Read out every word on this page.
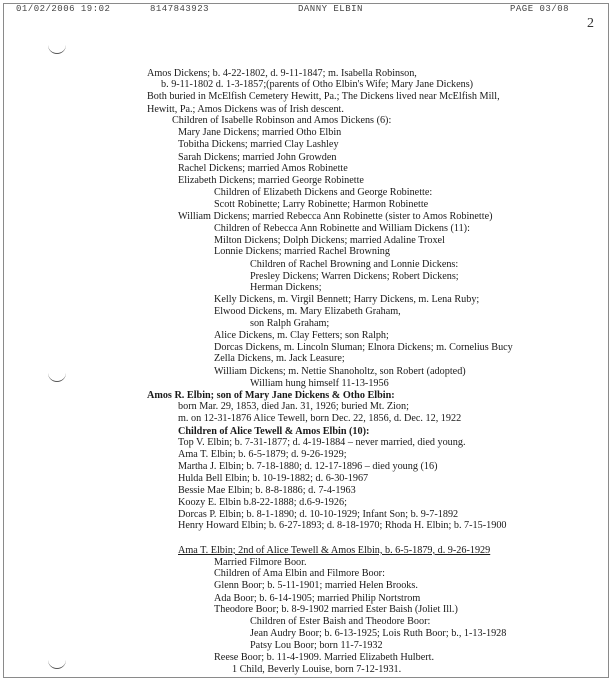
01/02/2006 19:02	8147843923	DANNY ELBIN	PAGE 03/08
2
Amos Dickens; b. 4-22-1802, d. 9-11-1847; m. Isabella Robinson,
b. 9-11-1802 d. 1-3-1857;(parents of Otho Elbin's Wife; Mary Jane Dickens)
Both buried in McElfish Cemetery Hewitt, Pa.; The Dickens lived near McElfish Mill,
Hewitt, Pa.; Amos Dickens was of Irish descent.
Children of Isabelle Robinson and Amos Dickens (6):
Mary Jane Dickens; married Otho Elbin
Tobitha Dickens; married Clay Lashley
Sarah Dickens; married John Growden
Rachel Dickens; married Amos Robinette
Elizabeth Dickens; married George Robinette
Children of Elizabeth Dickens and George Robinette:
Scott Robinette; Larry Robinette; Harmon Robinette
William Dickens; married Rebecca Ann Robinette (sister to Amos Robinette)
Children of Rebecca Ann Robinette and William Dickens (11):
Milton Dickens; Dolph Dickens; married Adaline Troxel
Lonnie Dickens; married Rachel Browning
Children of Rachel Browning and Lonnie Dickens:
Presley Dickens; Warren Dickens; Robert Dickens;
Herman Dickens;
Kelly Dickens, m. Virgil Bennett; Harry Dickens, m. Lena Ruby;
Elwood Dickens, m. Mary Elizabeth Graham,
son Ralph Graham;
Alice Dickens, m. Clay Fetters; son Ralph;
Dorcas Dickens, m. Lincoln Sluman; Elnora Dickens; m. Cornelius Bucy
Zella Dickens, m. Jack Leasure;
William Dickens; m. Nettie Shanoholtz, son Robert (adopted)
William hung himself 11-13-1956
Amos R. Elbin; son of Mary Jane Dickens & Otho Elbin:
born Mar. 29, 1853, died Jan. 31, 1926; buried Mt. Zion;
m. on 12-31-1876 Alice Tewell, born Dec. 22, 1856, d. Dec. 12, 1922
Children of Alice Tewell & Amos Elbin (10):
Top V. Elbin; b. 7-31-1877; d. 4-19-1884 – never married, died young.
Ama T. Elbin; b. 6-5-1879; d. 9-26-1929;
Martha J. Elbin; b. 7-18-1880; d. 12-17-1896 – died young (16)
Hulda Bell Elbin; b. 10-19-1882; d. 6-30-1967
Bessie Mae Elbin; b. 8-8-1886; d. 7-4-1963
Koozy E. Elbin b.8-22-1888; d.6-9-1926;
Dorcas P. Elbin; b. 8-1-1890; d. 10-10-1929; Infant Son; b. 9-7-1892
Henry Howard Elbin; b. 6-27-1893; d. 8-18-1970; Rhoda H. Elbin; b. 7-15-1900
Ama T. Elbin; 2nd of Alice Tewell & Amos Elbin, b. 6-5-1879, d. 9-26-1929
Married Filmore Boor.
Children of Ama Elbin and Filmore Boor:
Glenn Boor; b. 5-11-1901; married Helen Brooks.
Ada Boor; b. 6-14-1905; married Philip Nortstrom
Theodore Boor; b. 8-9-1902 married Ester Baish (Joliet Ill.)
Children of Ester Baish and Theodore Boor:
Jean Audry Boor; b. 6-13-1925; Lois Ruth Boor; b., 1-13-1928
Patsy Lou Boor; born 11-7-1932
Reese Boor; b. 11-4-1909. Married Elizabeth Hulbert.
1 Child, Beverly Louise, born 7-12-1931.
